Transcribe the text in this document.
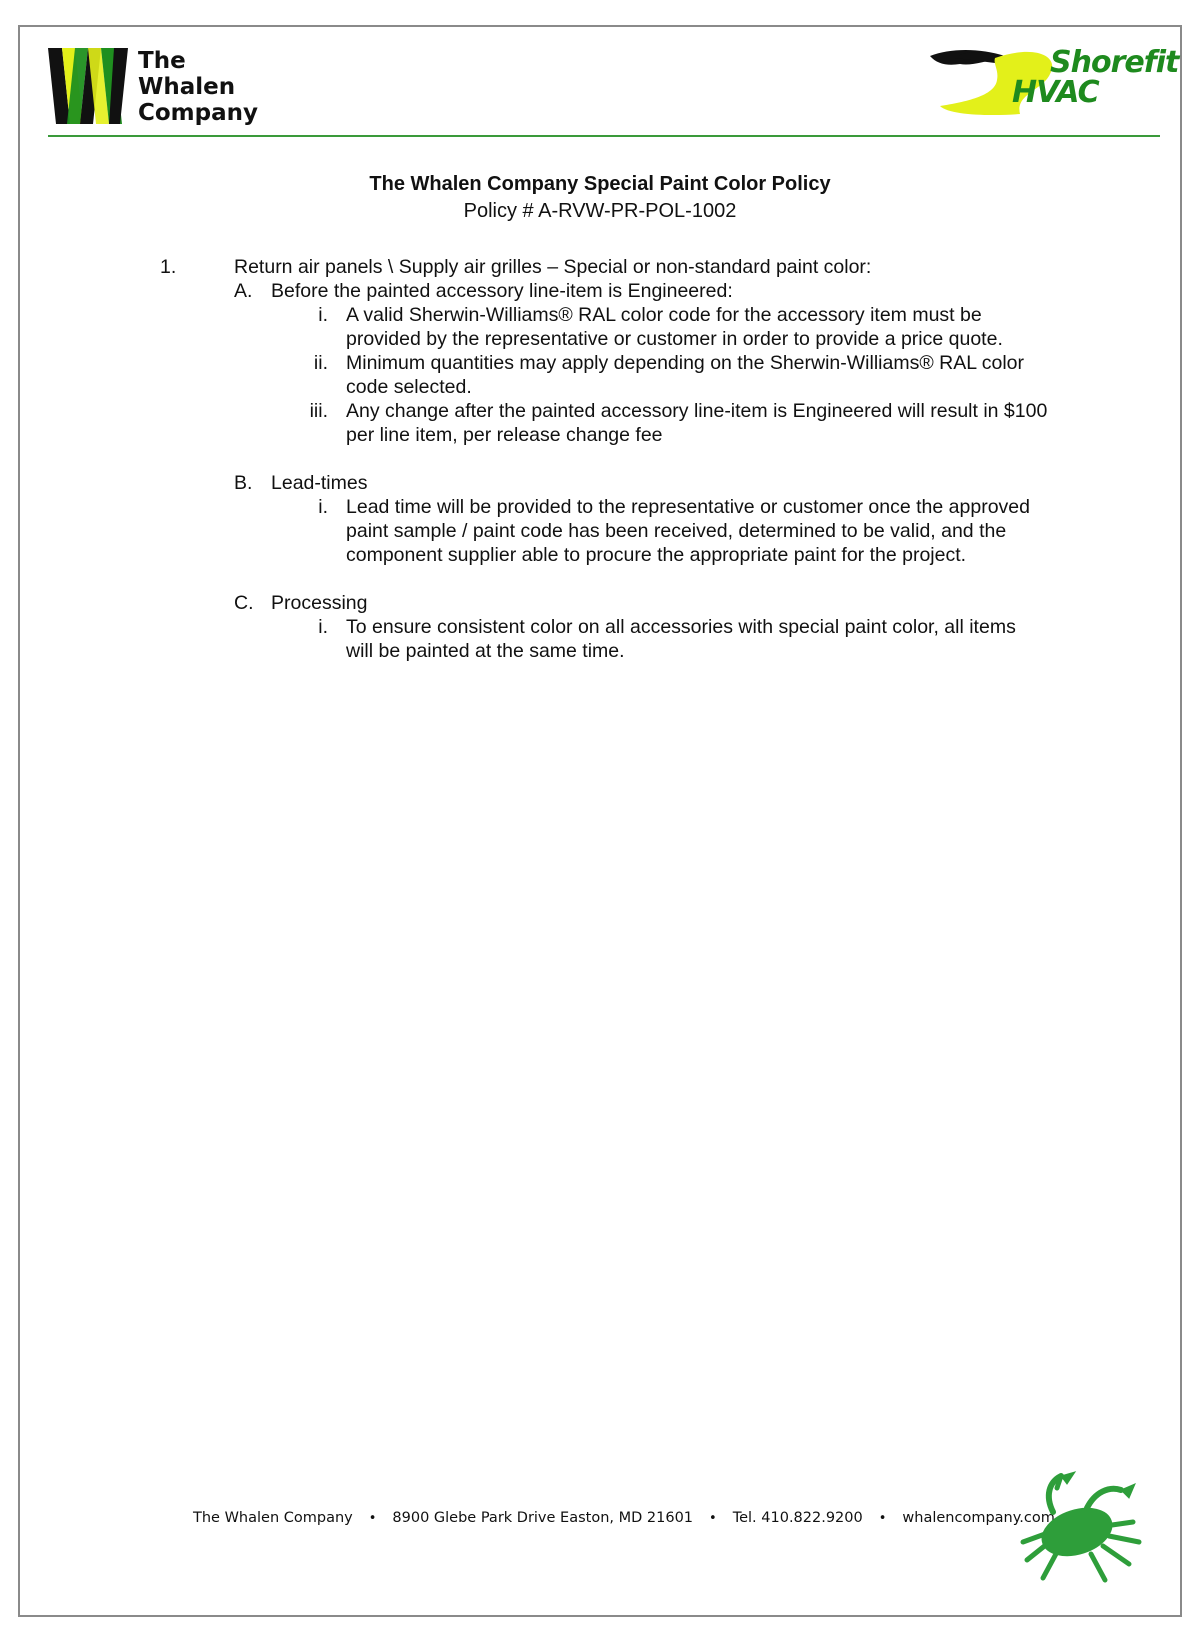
The
Whalen
Company
Shorefit
HVAC
The Whalen Company Special Paint Color Policy
Policy # A-RVW-PR-POL-1002
1.	Return air panels \ Supply air grilles – Special or non-standard paint color:
A. Before the painted accessory line-item is Engineered:
i. A valid Sherwin-Williams® RAL color code for the accessory item must be
provided by the representative or customer in order to provide a price quote.
ii. Minimum quantities may apply depending on the Sherwin-Williams® RAL color
code selected.
iii. Any change after the painted accessory line-item is Engineered will result in $100
per line item, per release change fee
B. Lead-times
i. Lead time will be provided to the representative or customer once the approved
paint sample / paint code has been received, determined to be valid, and the
component supplier able to procure the appropriate paint for the project.
C. Processing
i. To ensure consistent color on all accessories with special paint color, all items
will be painted at the same time.
The Whalen Company • 8900 Glebe Park Drive Easton, MD 21601 • Tel. 410.822.9200 • whalencompany.com
